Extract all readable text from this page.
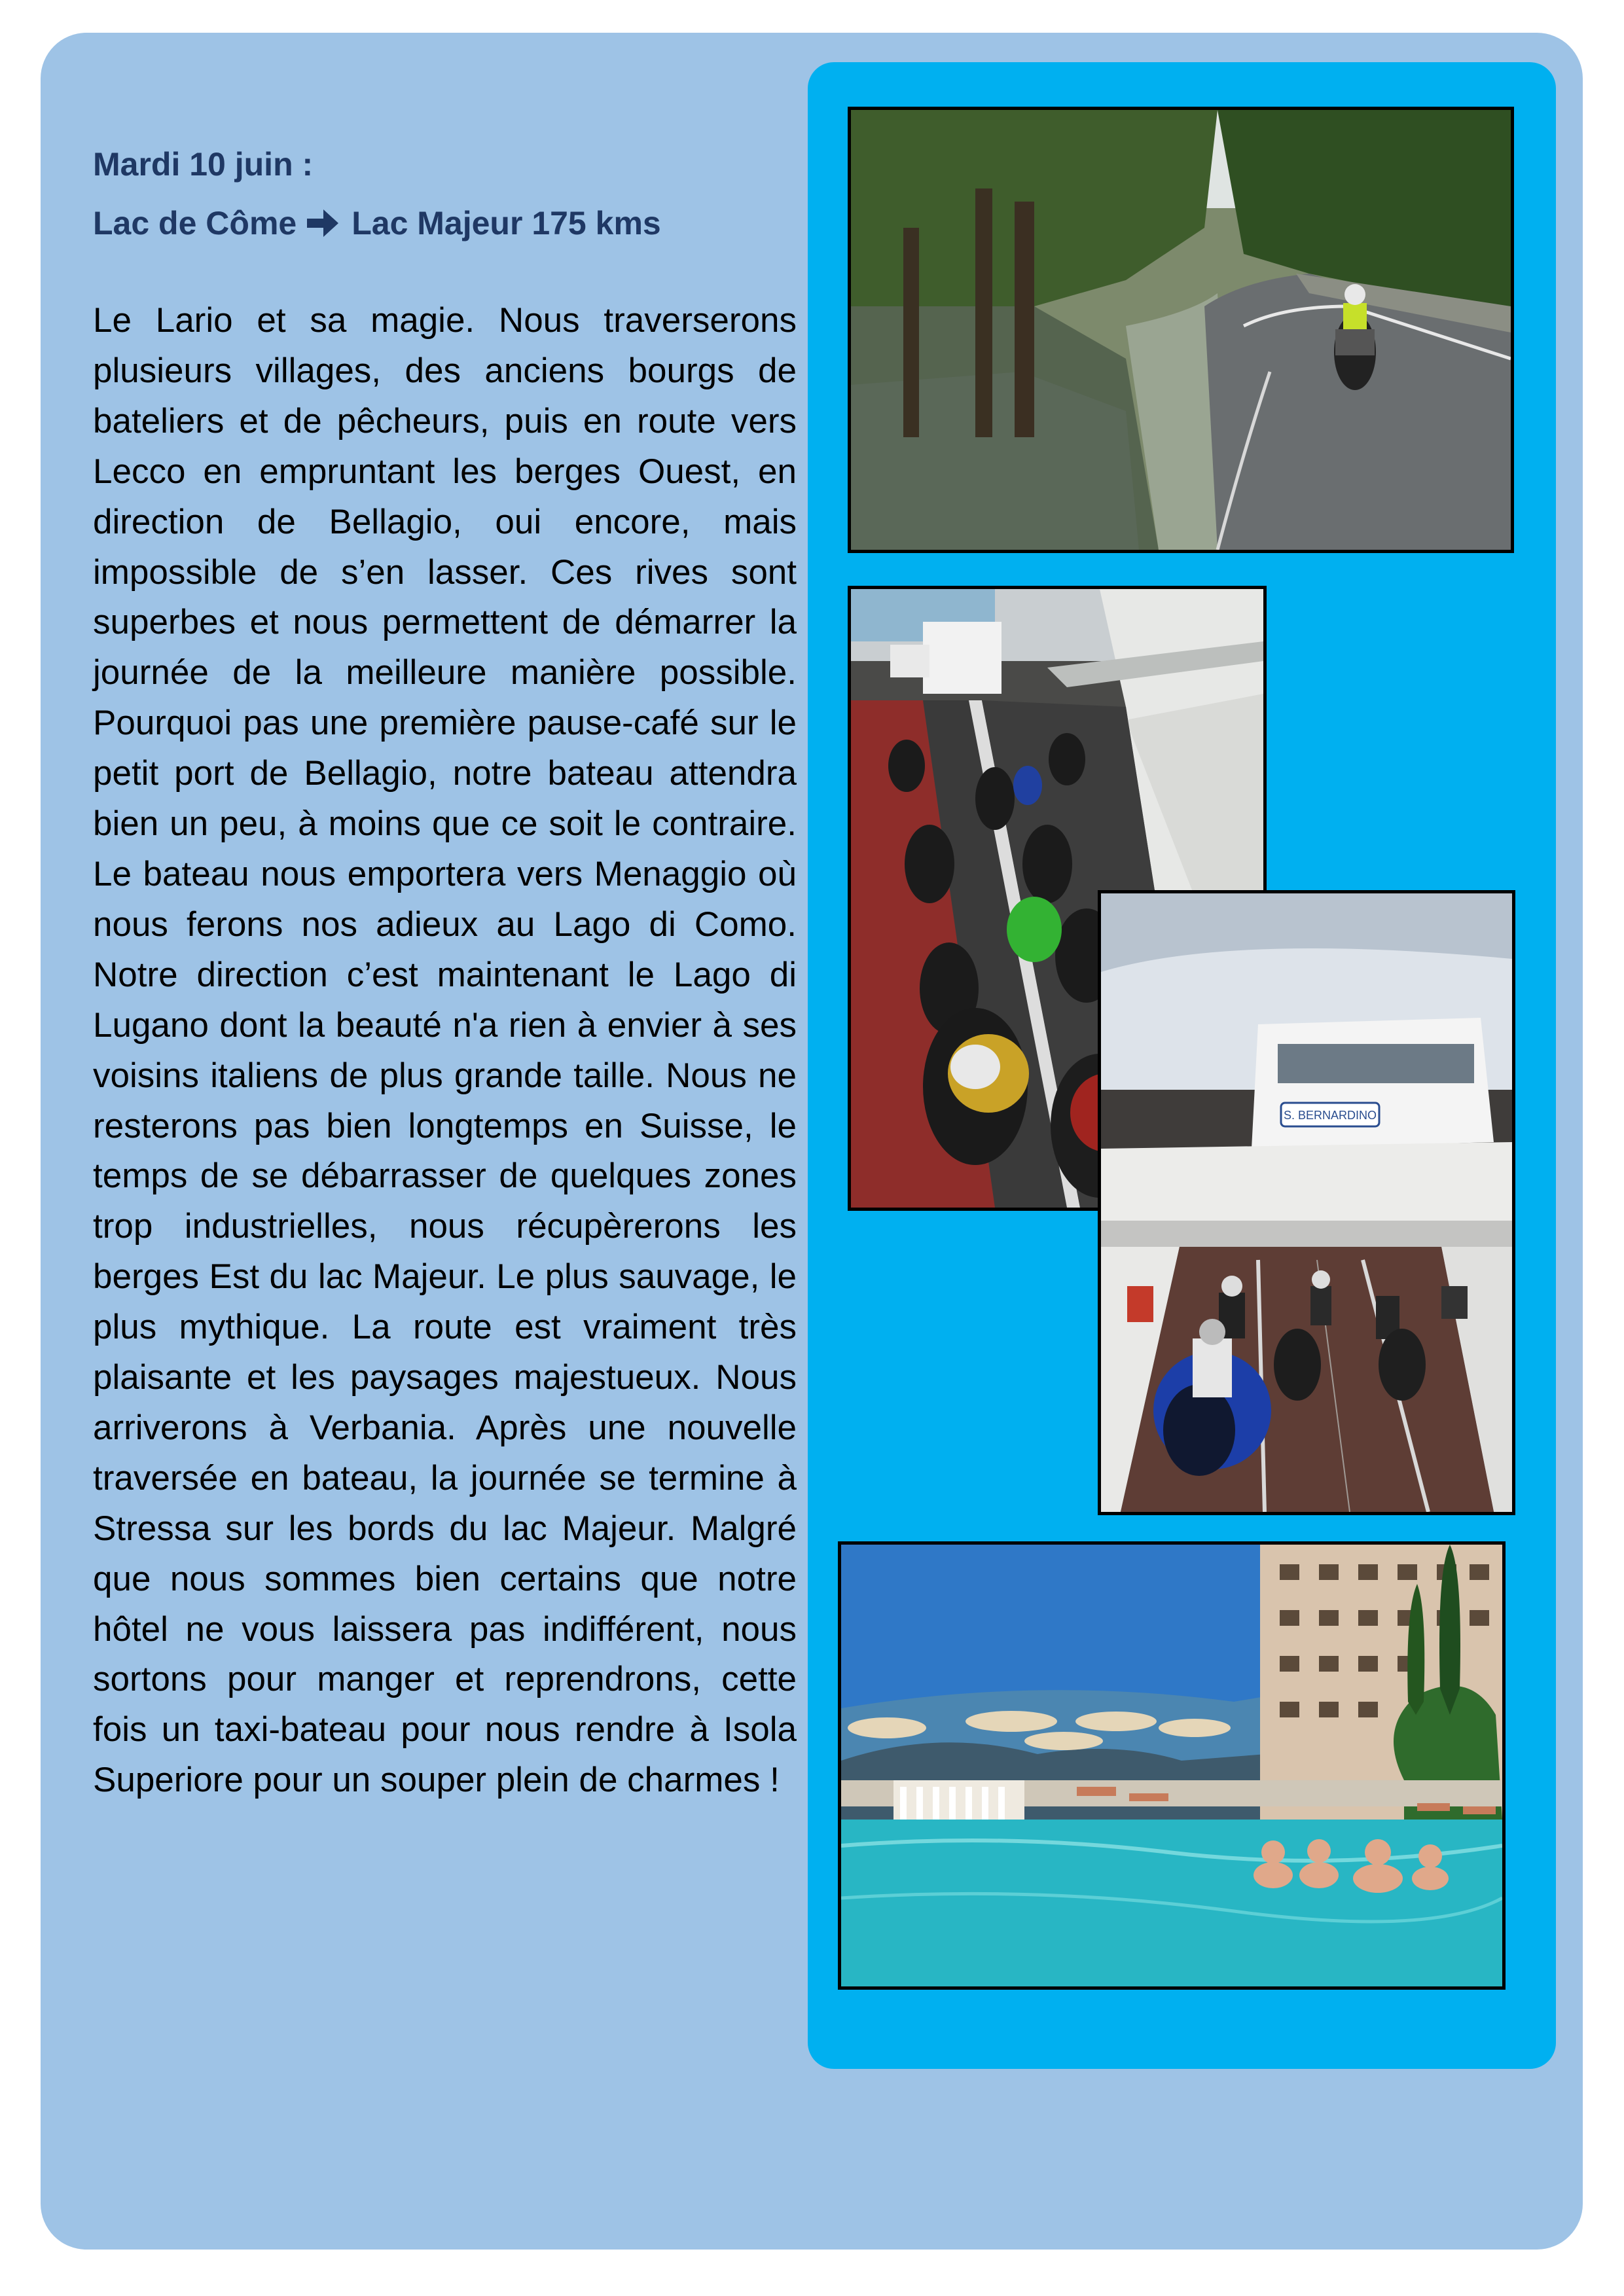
Mardi 10 juin :
Lac de Côme Lac Majeur 175 kms

Le Lario et sa magie. Nous traverserons plusieurs villages, des anciens bourgs de bateliers et de pêcheurs, puis en route vers Lecco en empruntant les berges Ouest, en direction de Bellagio, oui encore, mais impossible de s’en lasser. Ces rives sont superbes et nous permettent de démarrer la journée de la meilleure manière possible. Pourquoi pas une première pause-café sur le petit port de Bellagio, notre bateau attendra bien un peu, à moins que ce soit le contraire. Le bateau nous emportera vers Menaggio où nous ferons nos adieux au Lago di Como. Notre direction c’est maintenant le Lago di Lugano dont la beauté n'a rien à envier à ses voisins italiens de plus grande taille. Nous ne resterons pas bien longtemps en Suisse, le temps de se débarrasser de quelques zones trop industrielles, nous récupèrerons les berges Est du lac Majeur. Le plus sauvage, le plus mythique. La route est vraiment très plaisante et les paysages majestueux. Nous arriverons à Verbania. Après une nouvelle traversée en bateau, la journée se termine à Stressa sur les bords du lac Majeur. Malgré que nous sommes bien certains que notre hôtel ne vous laissera pas indifférent, nous sortons pour manger et reprendrons, cette fois un taxi-bateau pour nous rendre à Isola Superiore pour un souper plein de charmes !

S. BERNARDINO
